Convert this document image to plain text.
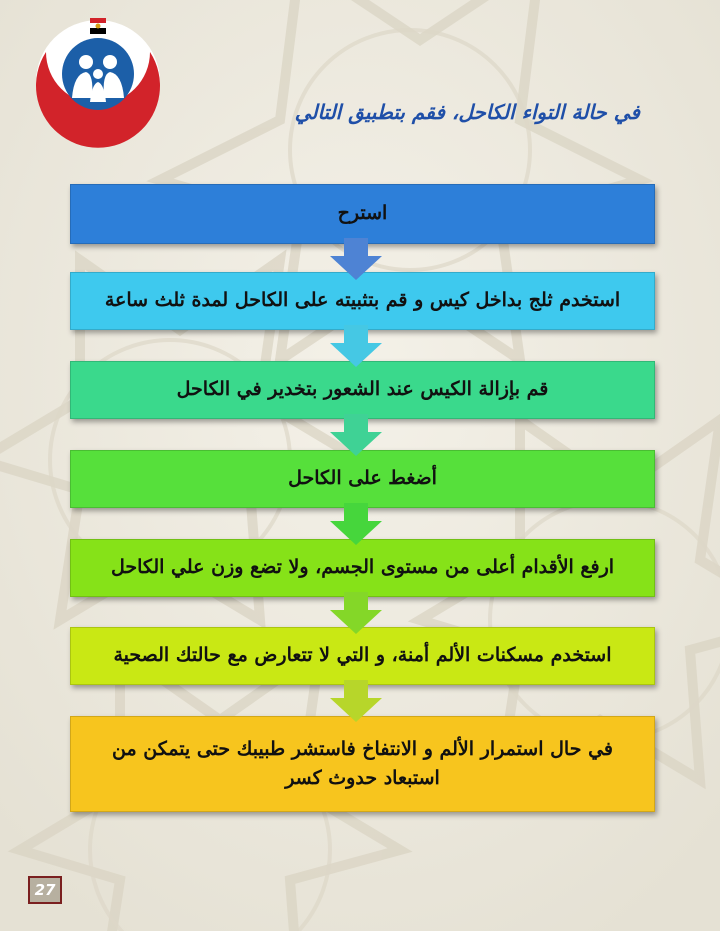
في حالة التواء الكاحل، فقم بتطبيق التالي
استرح
استخدم ثلج بداخل كيس و قم بتثبيته على الكاحل لمدة ثلث ساعة
قم بإزالة الكيس عند الشعور بتخدير في الكاحل
أضغط على الكاحل
ارفع الأقدام أعلى من مستوى الجسم، ولا تضع وزن علي الكاحل
استخدم مسكنات الألم أمنة، و التي لا تتعارض مع حالتك الصحية
في حال استمرار الألم و الانتفاخ فاستشر طبيبك حتى يتمكن من استبعاد حدوث كسر
27
